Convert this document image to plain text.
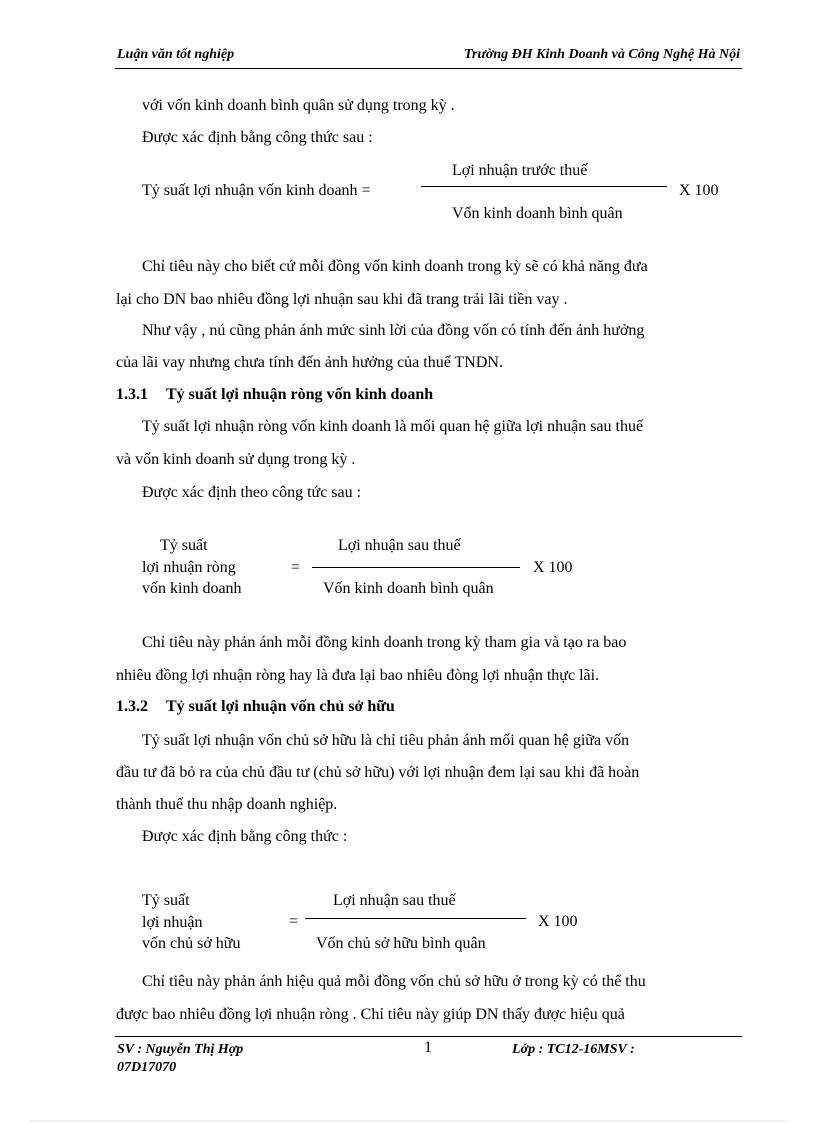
Luận văn tốt nghiệp	Trường ĐH Kinh Doanh và Công Nghệ Hà Nội
với vốn kinh doanh bình quân sử dụng trong kỳ .
Được xác định bằng công thức sau :
Tỷ suất lợi nhuận vốn kinh doanh =
Lợi nhuận trước thuế
Vốn kinh doanh bình quân
X 100
Chỉ tiêu này cho biết cứ mỗi đồng vốn kinh doanh trong kỳ sẽ có khả năng đưa
lại cho DN bao nhiêu đồng lợi nhuận sau khi đã trang trải lãi tiền vay .
Như vậy , nú cũng phản ánh mức sinh lời của đồng vốn có tính đến ảnh hưởng
của lãi vay nhưng chưa tính đến ảnh hưởng của thuế TNDN.
1.3.1 Tỷ suất lợi nhuận ròng vốn kinh doanh
Tỷ suất lợi nhuận ròng vốn kinh doanh là mối quan hệ giữa lợi nhuận sau thuế
và vốn kinh doanh sử dụng trong kỳ .
Được xác định theo công tức sau :
Tỷ suất
lợi nhuận ròng
vốn kinh doanh
=
Lợi nhuận sau thuế
Vốn kinh doanh bình quân
X 100
Chỉ tiêu này phản ánh mỗi đồng kinh doanh trong kỳ tham gia và tạo ra bao
nhiêu đồng lợi nhuận ròng hay là đưa lại bao nhiêu đòng lợi nhuận thực lãi.
1.3.2 Tỷ suất lợi nhuận vốn chủ sở hữu
Tỷ suất lợi nhuận vốn chủ sở hữu là chỉ tiêu phản ánh mối quan hệ giữa vốn
đầu tư đã bỏ ra của chủ đầu tư (chủ sở hữu) với lợi nhuận đem lại sau khi đã hoàn
thành thuế thu nhập doanh nghiệp.
Được xác định bằng công thức :
Tỷ suất
lợi nhuận
vốn chủ sở hữu
=
Lợi nhuận sau thuế
Vốn chủ sở hữu bình quân
X 100
Chỉ tiêu này phản ánh hiệu quả mỗi đồng vốn chủ sở hữu ở trong kỳ có thể thu
được bao nhiêu đồng lợi nhuận ròng . Chỉ tiêu này giúp DN thấy được hiệu quả
SV : Nguyễn Thị Hợp	1	Lớp : TC12-16MSV :
07D17070
